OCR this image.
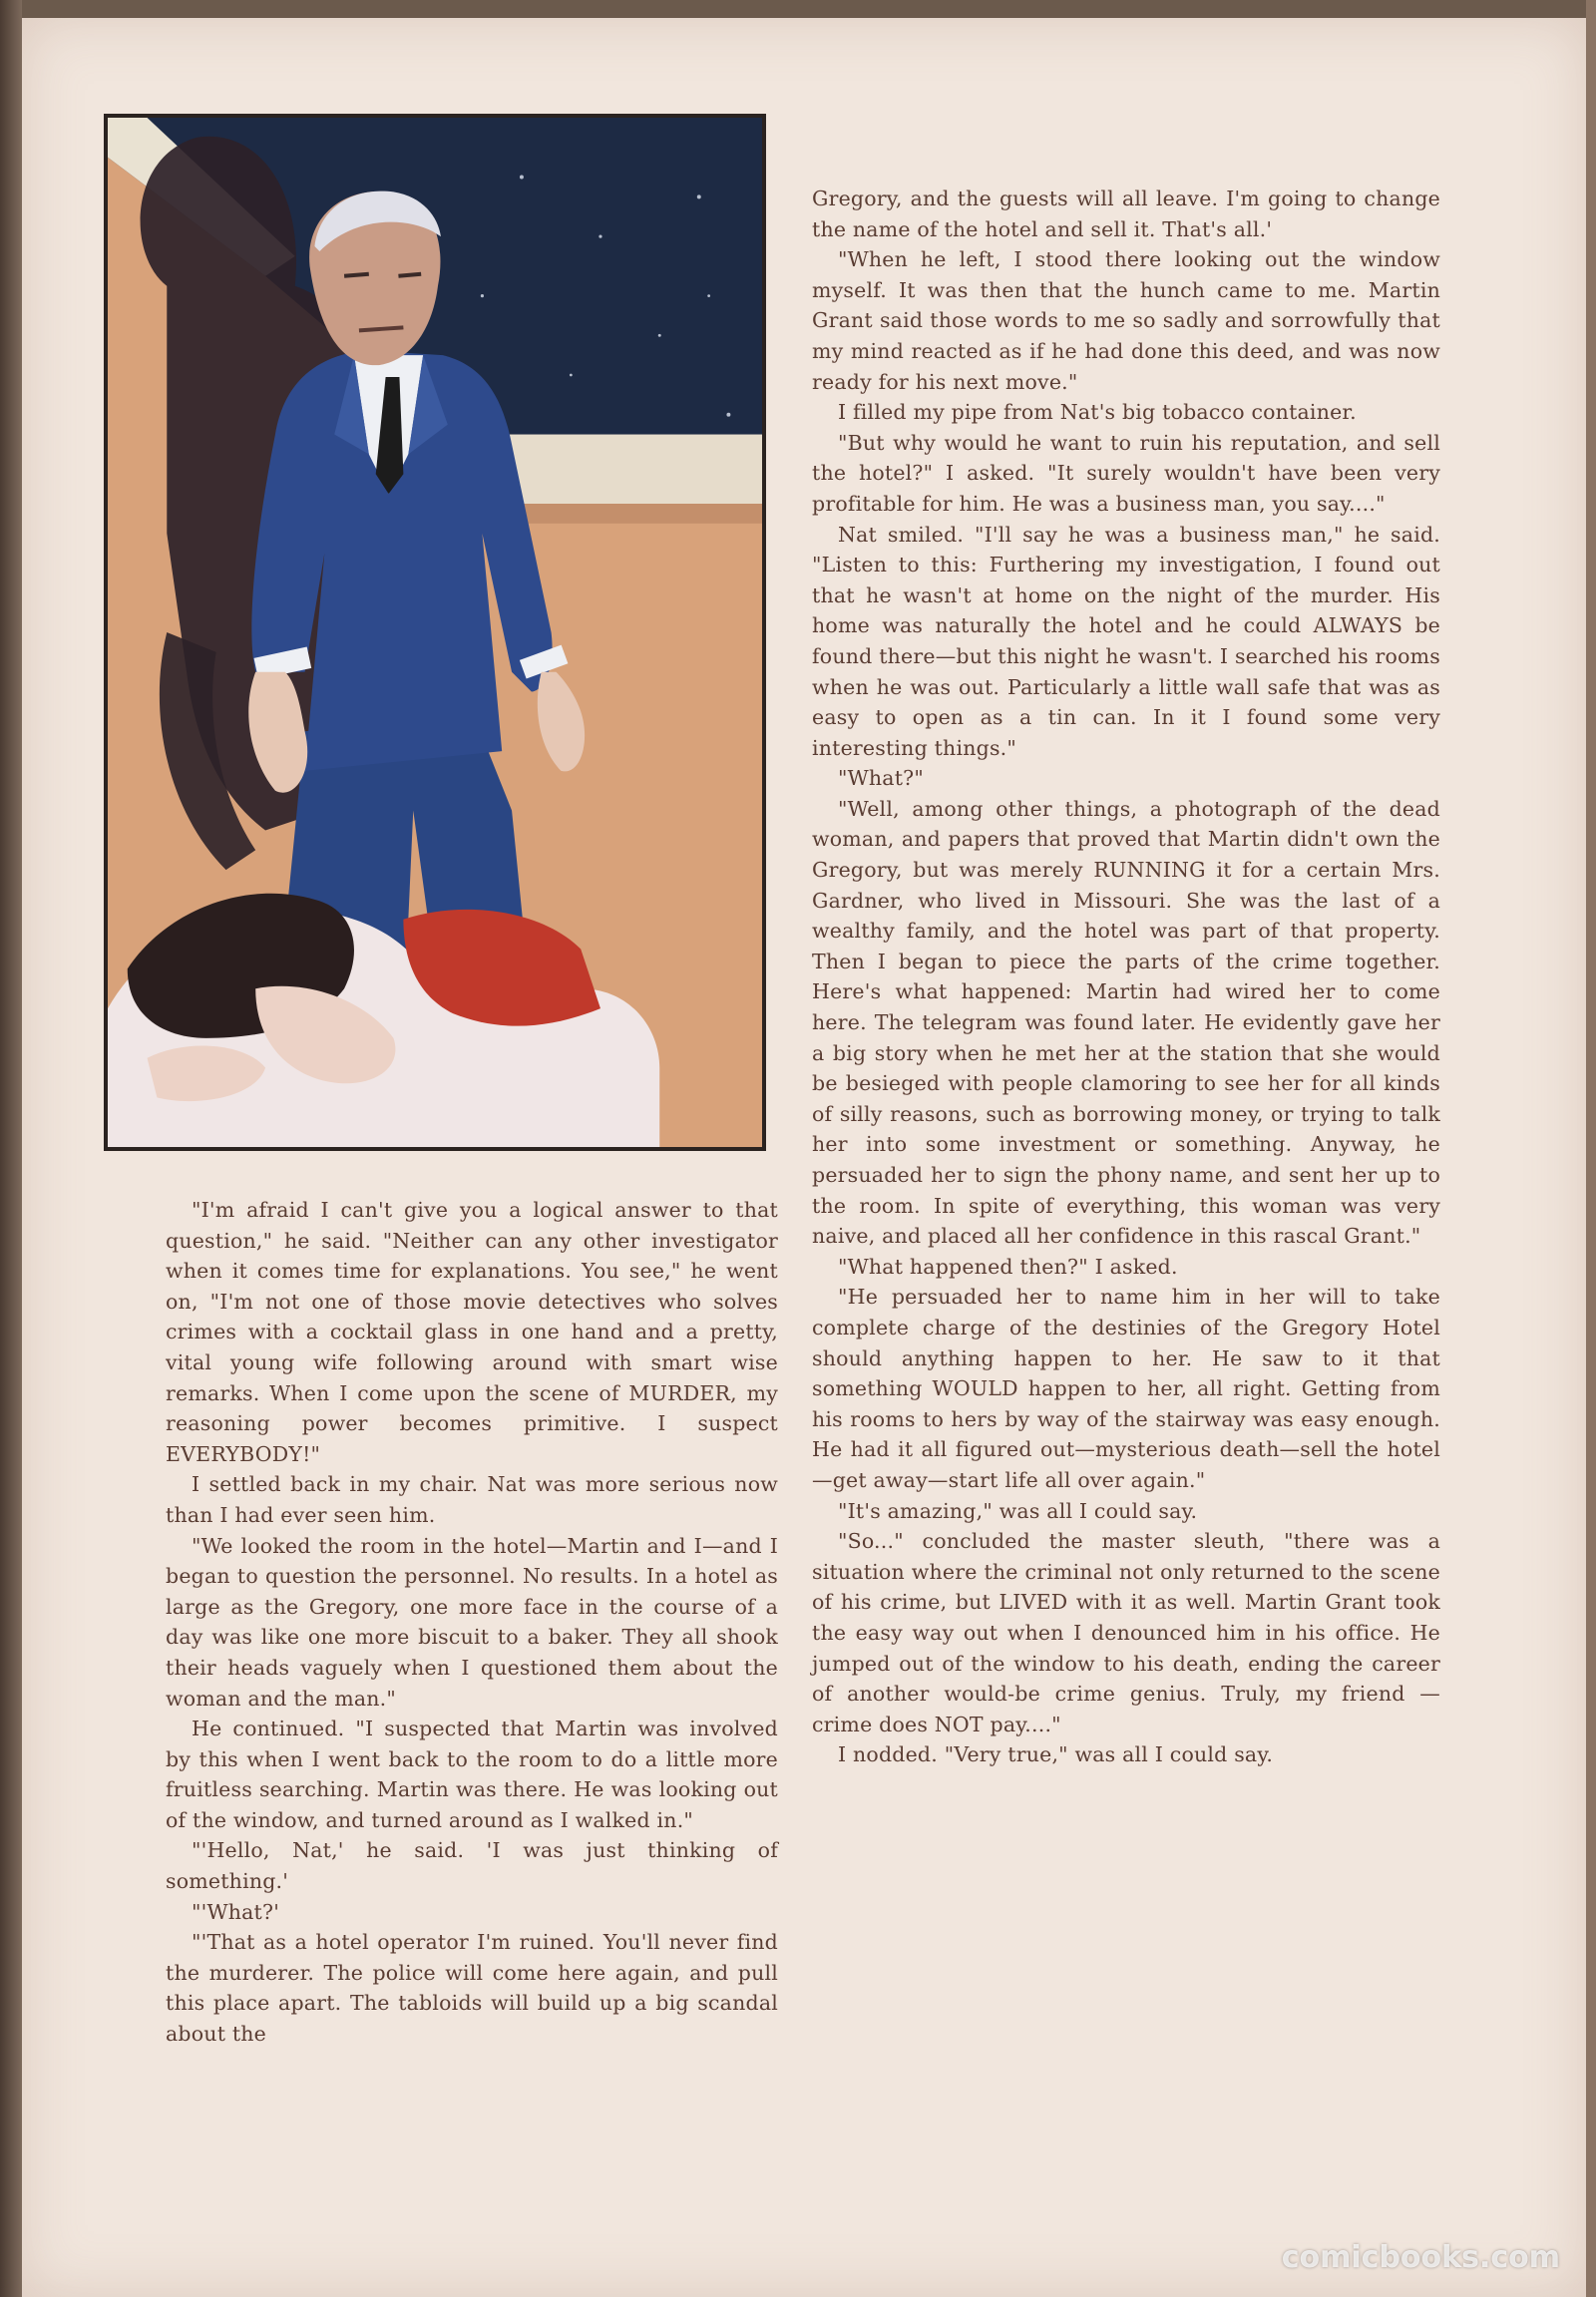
Gregory, and the guests will all leave. I'm going to change the name of the hotel and sell it. That's all.'

"When he left, I stood there looking out the window myself. It was then that the hunch came to me. Martin Grant said those words to me so sadly and sorrowfully that my mind reacted as if he had done this deed, and was now ready for his next move."

I filled my pipe from Nat's big tobacco container.

"But why would he want to ruin his reputation, and sell the hotel?" I asked. "It surely wouldn't have been very profitable for him. He was a business man, you say...."

Nat smiled. "I'll say he was a business man," he said. "Listen to this: Furthering my investigation, I found out that he wasn't at home on the night of the murder. His home was naturally the hotel and he could ALWAYS be found there—but this night he wasn't. I searched his rooms when he was out. Particularly a little wall safe that was as easy to open as a tin can. In it I found some very interesting things."

"What?"

"Well, among other things, a photograph of the dead woman, and papers that proved that Martin didn't own the Gregory, but was merely RUNNING it for a certain Mrs. Gardner, who lived in Missouri. She was the last of a wealthy family, and the hotel was part of that property. Then I began to piece the parts of the crime together. Here's what happened: Martin had wired her to come here. The telegram was found later. He evidently gave her a big story when he met her at the station that she would be besieged with people clamoring to see her for all kinds of silly reasons, such as borrowing money, or trying to talk her into some investment or something. Anyway, he persuaded her to sign the phony name, and sent her up to the room. In spite of everything, this woman was very naive, and placed all her confidence in this rascal Grant."

"What happened then?" I asked.

"He persuaded her to name him in her will to take complete charge of the destinies of the Gregory Hotel should anything happen to her. He saw to it that something WOULD happen to her, all right. Getting from his rooms to hers by way of the stairway was easy enough. He had it all figured out—mysterious death—sell the hotel—get away—start life all over again."

"It's amazing," was all I could say.

"So..." concluded the master sleuth, "there was a situation where the criminal not only returned to the scene of his crime, but LIVED with it as well. Martin Grant took the easy way out when I denounced him in his office. He jumped out of the window to his death, ending the career of another would-be crime genius. Truly, my friend — crime does NOT pay...."

I nodded. "Very true," was all I could say.

"I'm afraid I can't give you a logical answer to that question," he said. "Neither can any other investigator when it comes time for explanations. You see," he went on, "I'm not one of those movie detectives who solves crimes with a cocktail glass in one hand and a pretty, vital young wife following around with smart wise remarks. When I come upon the scene of MURDER, my reasoning power becomes primitive. I suspect EVERYBODY!"

I settled back in my chair. Nat was more serious now than I had ever seen him.

"We looked the room in the hotel—Martin and I—and I began to question the personnel. No results. In a hotel as large as the Gregory, one more face in the course of a day was like one more biscuit to a baker. They all shook their heads vaguely when I questioned them about the woman and the man."

He continued. "I suspected that Martin was involved by this when I went back to the room to do a little more fruitless searching. Martin was there. He was looking out of the window, and turned around as I walked in."

"'Hello, Nat,' he said. 'I was just thinking of something.'

"'What?'

"'That as a hotel operator I'm ruined. You'll never find the murderer. The police will come here again, and pull this place apart. The tabloids will build up a big scandal about the

comicbooks.com
